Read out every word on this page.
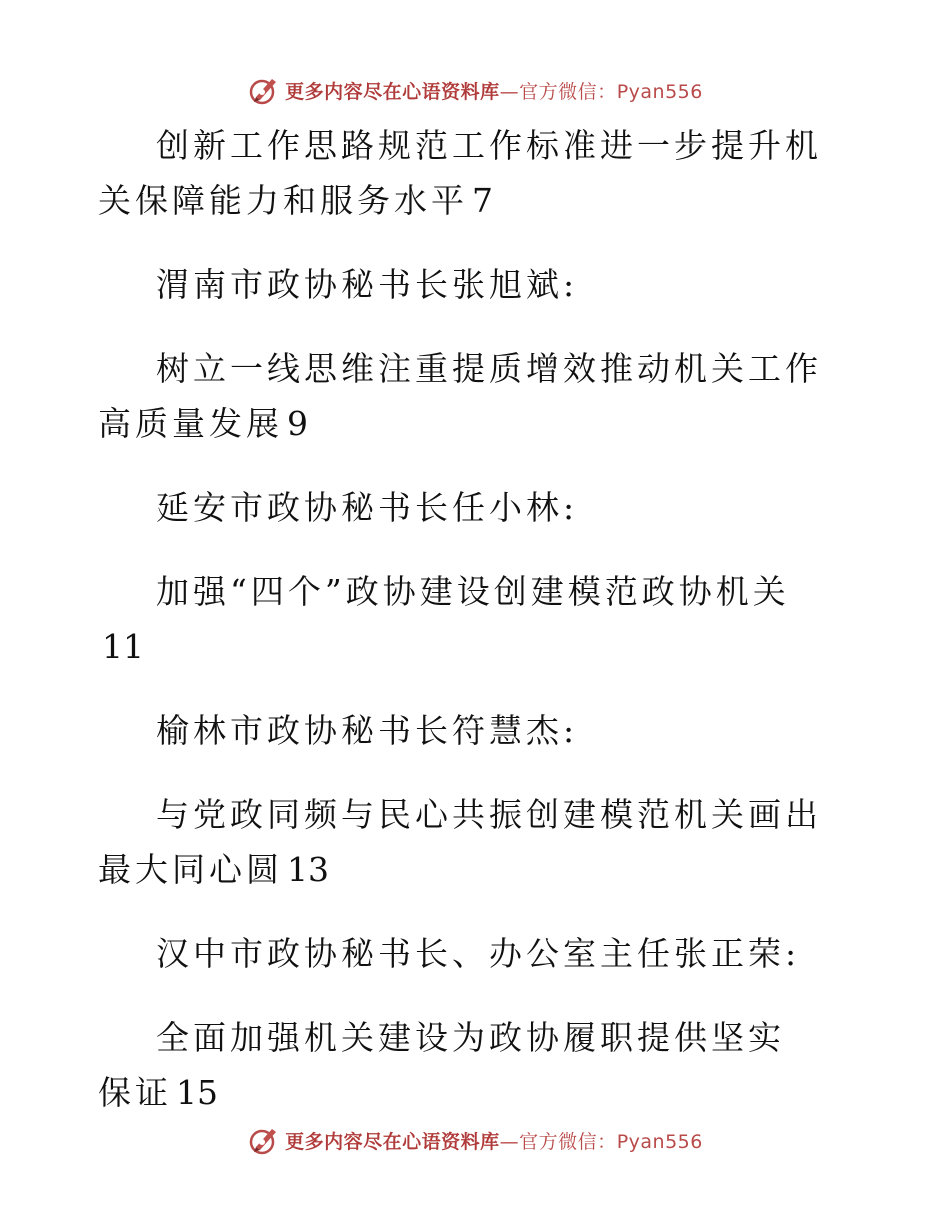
更多内容尽在心语资料库—官方微信：Pyan556

创新工作思路规范工作标准进一步提升机关保障能力和服务水平 7

渭南市政协秘书长张旭斌:

树立一线思维注重提质增效推动机关工作高质量发展 9

延安市政协秘书长任小林:

加强“四个”政协建设创建模范政协机关11

榆林市政协秘书长符慧杰:

与党政同频与民心共振创建模范机关画出最大同心圆 13

汉中市政协秘书长、办公室主任张正荣:

全面加强机关建设为政协履职提供坚实保证 15

更多内容尽在心语资料库—官方微信：Pyan556
